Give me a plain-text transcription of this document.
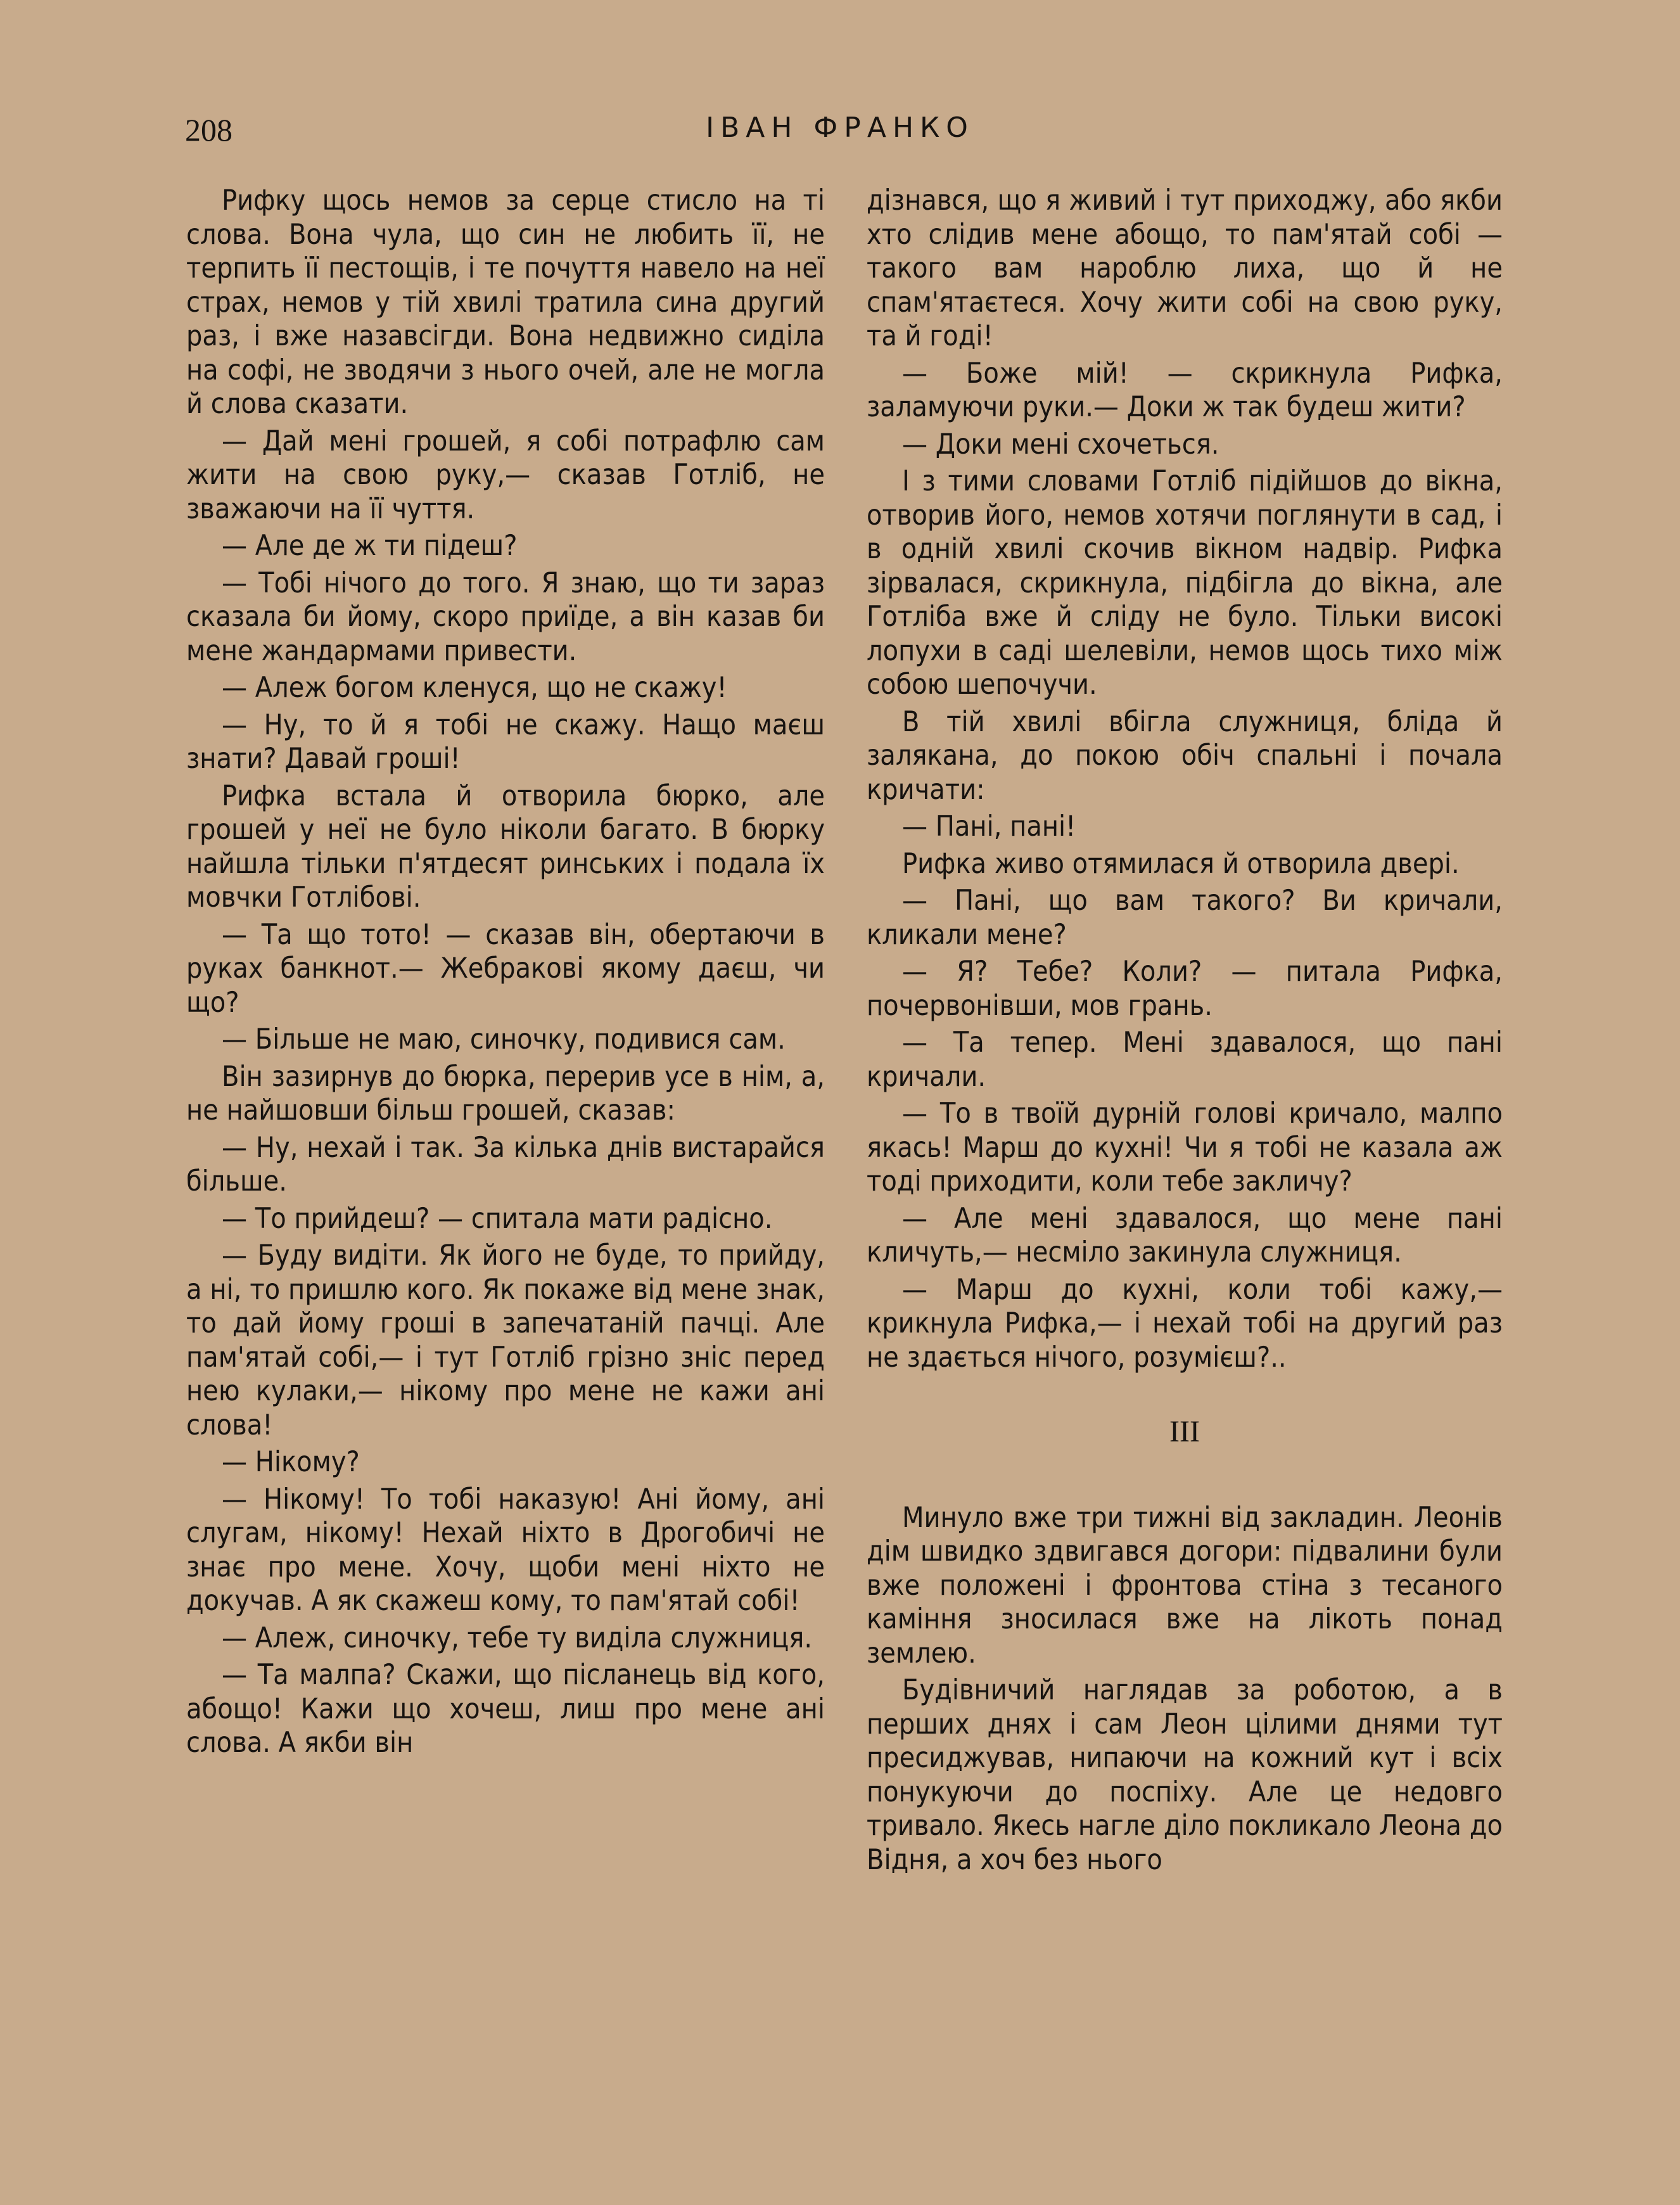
208	ІВАН ФРАНКО

Рифку щось немов за серце стисло на ті слова. Вона чула, що син не любить її, не терпить її пестощів, і те почуття навело на неї страх, немов у тій хвилі тратила сина другий раз, і вже назавсігди. Вона недвижно сиділа на софі, не зводячи з нього очей, але не могла й слова сказати.

— Дай мені грошей, я собі потрафлю сам жити на свою руку,— сказав Готліб, не зважаючи на її чуття.

— Але де ж ти підеш?

— Тобі нічого до того. Я знаю, що ти зараз сказала би йому, скоро приїде, а він казав би мене жандармами привести.

— Алеж богом кленуся, що не скажу!

— Ну, то й я тобі не скажу. Нащо маєш знати? Давай гроші!

Рифка встала й отворила бюрко, але грошей у неї не було ніколи багато. В бюрку найшла тільки п'ятдесят ринських і подала їх мовчки Готлібові.

— Та що тото! — сказав він, обертаючи в руках банкнот.— Жебракові якому даєш, чи що?

— Більше не маю, синочку, подивися сам.

Він зазирнув до бюрка, перерив усе в нім, а, не найшовши більш грошей, сказав:

— Ну, нехай і так. За кілька днів вистарайся більше.

— То прийдеш? — спитала мати радісно.

— Буду видіти. Як його не буде, то прийду, а ні, то пришлю кого. Як покаже від мене знак, то дай йому гроші в запечатаній пачці. Але пам'ятай собі,— і тут Готліб грізно зніс перед нею кулаки,— нікому про мене не кажи ані слова!

— Нікому?

— Нікому! То тобі наказую! Ані йому, ані слугам, нікому! Нехай ніхто в Дрогобичі не знає про мене. Хочу, щоби мені ніхто не докучав. А як скажеш кому, то пам'ятай собі!

— Алеж, синочку, тебе ту виділа служниця.

— Та малпа? Скажи, що післанець від кого, абощо! Кажи що хочеш, лиш про мене ані слова. А якби він

дізнався, що я живий і тут приходжу, або якби хто слідив мене абощо, то пам'ятай собі — такого вам нароблю лиха, що й не спам'ятаєтеся. Хочу жити собі на свою руку, та й годі!

— Боже мій! — скрикнула Рифка, заламуючи руки.— Доки ж так будеш жити?

— Доки мені схочеться.

І з тими словами Готліб підійшов до вікна, отворив його, немов хотячи поглянути в сад, і в одній хвилі скочив вікном надвір. Рифка зірвалася, скрикнула, підбігла до вікна, але Готліба вже й сліду не було. Тільки високі лопухи в саді шелевіли, немов щось тихо між собою шепочучи.

В тій хвилі вбігла служниця, бліда й залякана, до покою обіч спальні і почала кричати:

— Пані, пані!

Рифка живо отямилася й отворила двері.

— Пані, що вам такого? Ви кричали, кликали мене?

— Я? Тебе? Коли? — питала Рифка, почервонівши, мов грань.

— Та тепер. Мені здавалося, що пані кричали.

— То в твоїй дурній голові кричало, малпо якась! Марш до кухні! Чи я тобі не казала аж тоді приходити, коли тебе закличу?

— Але мені здавалося, що мене пані кличуть,— несміло закинула служниця.

— Марш до кухні, коли тобі кажу,— крикнула Рифка,— і нехай тобі на другий раз не здається нічого, розумієш?..

III

Минуло вже три тижні від закладин. Леонів дім швидко здвигався догори: підвалини були вже положені і фронтова стіна з тесаного каміння зносилася вже на лікоть понад землею.

Будівничий наглядав за роботою, а в перших днях і сам Леон цілими днями тут пресиджував, нипаючи на кожний кут і всіх понукуючи до поспіху. Але це недовго тривало. Якесь нагле діло покликало Леона до Відня, а хоч без нього
